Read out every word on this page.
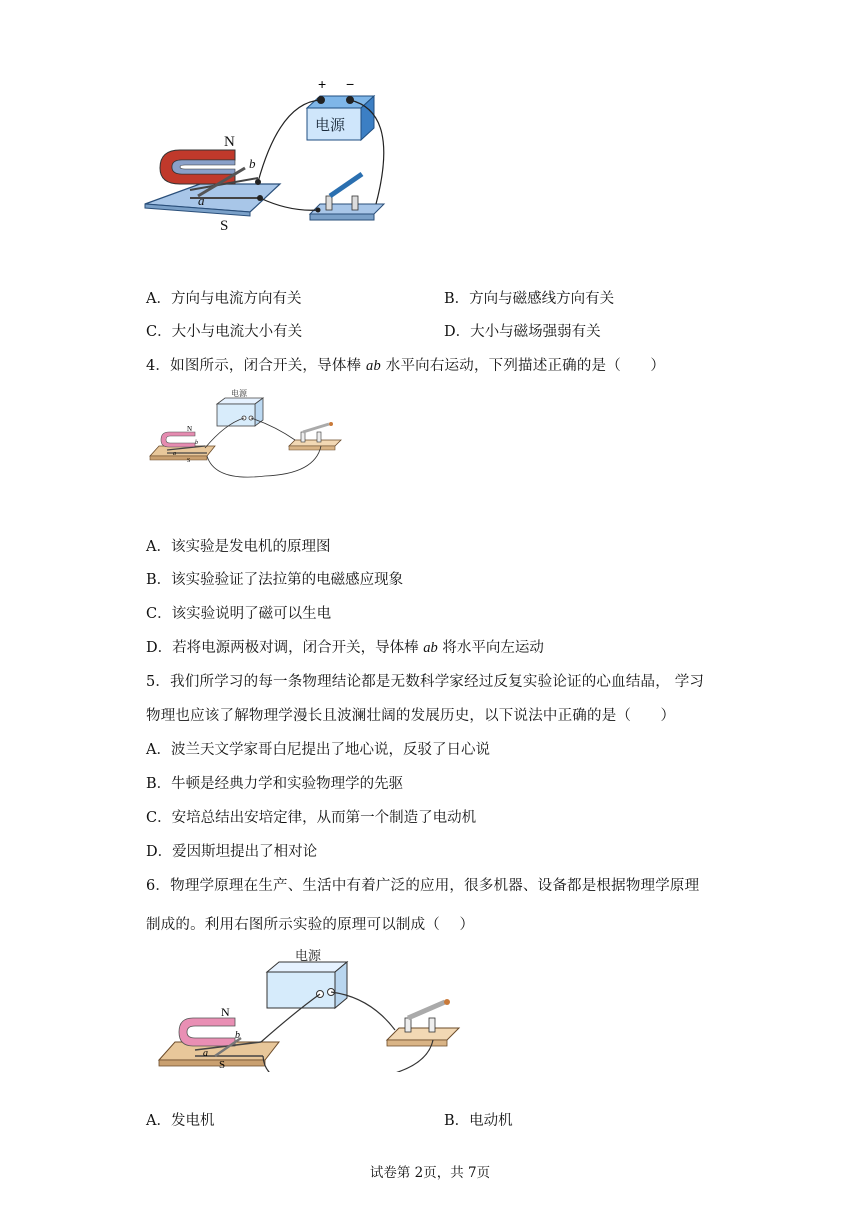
N
S
a
b
电源
+ −
A．方向与电流方向有关	B．方向与磁感线方向有关
C．大小与电流大小有关	D．大小与磁场强弱有关
4．如图所示，闭合开关，导体棒 ab 水平向右运动，下列描述正确的是（　　）
电源
N
S
a
b
A．该实验是发电机的原理图
B．该实验验证了法拉第的电磁感应现象
C．该实验说明了磁可以生电
D．若将电源两极对调，闭合开关，导体棒 ab 将水平向左运动
5．我们所学习的每一条物理结论都是无数科学家经过反复实验论证的心血结晶， 学习
物理也应该了解物理学漫长且波澜壮阔的发展历史，以下说法中正确的是（　　）
A．波兰天文学家哥白尼提出了地心说，反驳了日心说
B．牛顿是经典力学和实验物理学的先驱
C．安培总结出安培定律，从而第一个制造了电动机
D．爱因斯坦提出了相对论
6．物理学原理在生产、生活中有着广泛的应用，很多机器、设备都是根据物理学原理
制成的。利用右图所示实验的原理可以制成（　 ）
电源
N
S
a
b
A．发电机	B．电动机
试卷第 2页，共 7页
